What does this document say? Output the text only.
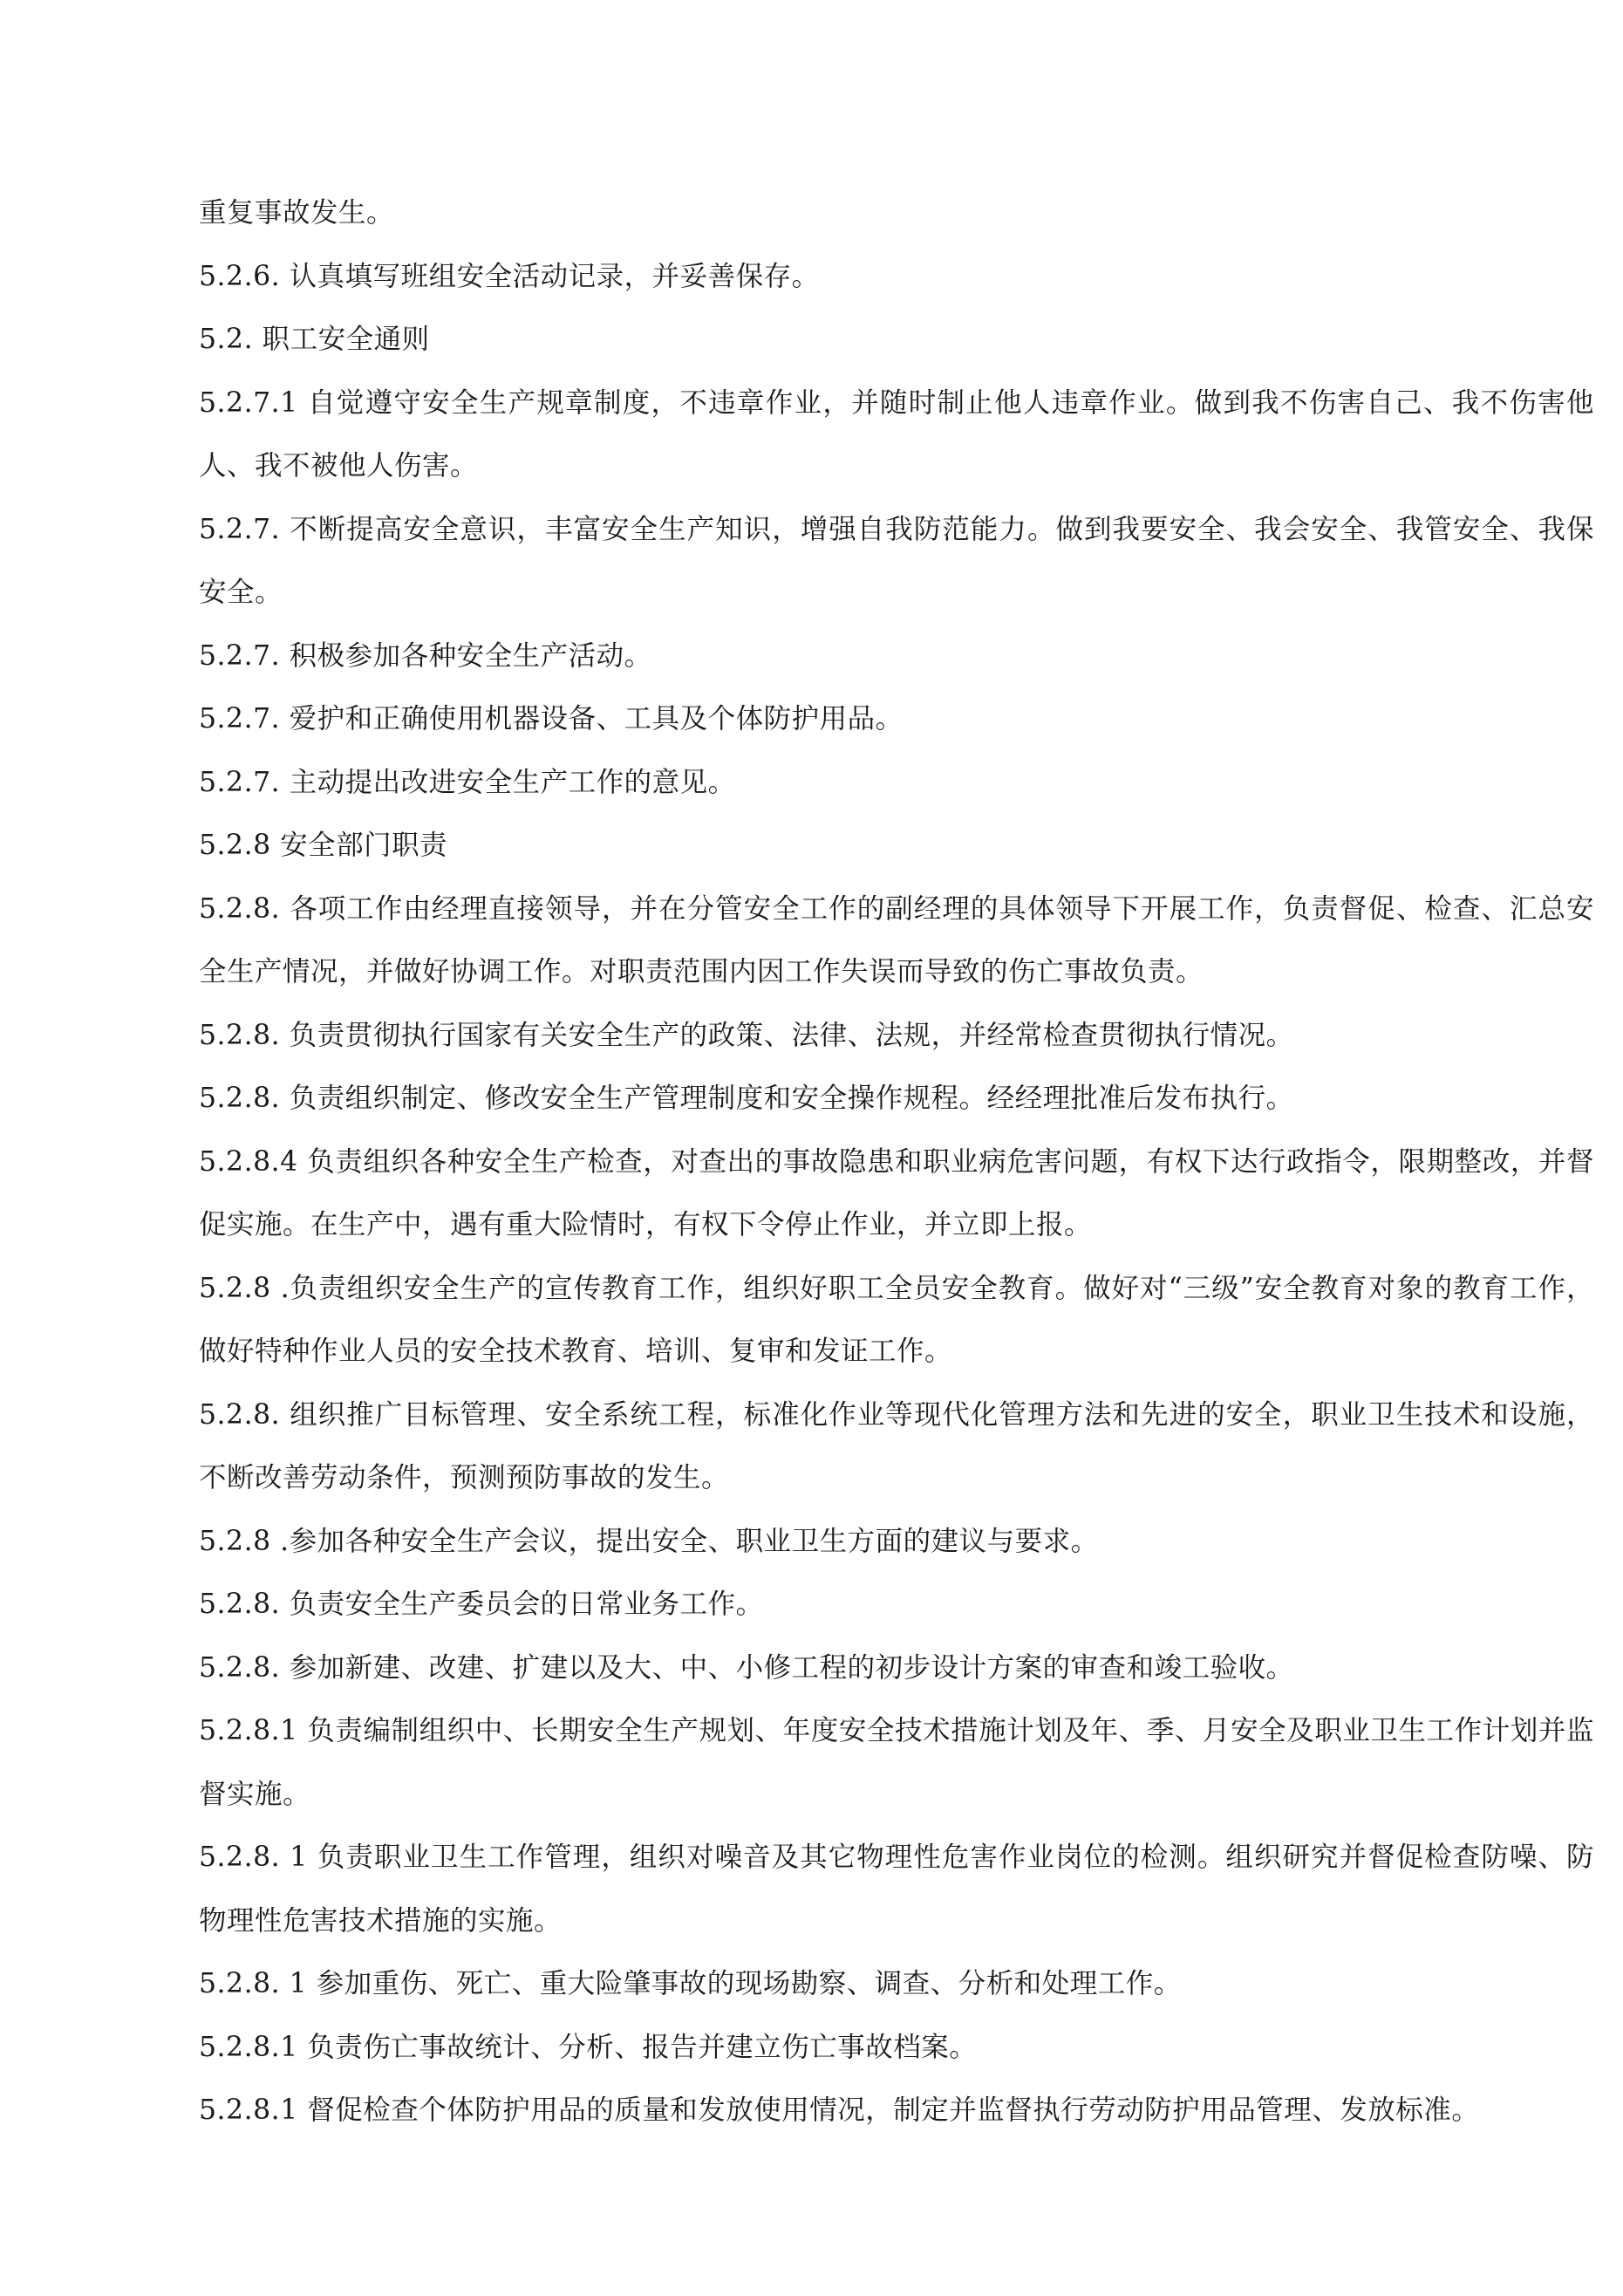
重复事故发生。

5.2.6. 认真填写班组安全活动记录，并妥善保存。

5.2. 职工安全通则

5.2.7.1 自觉遵守安全生产规章制度，不违章作业，并随时制止他人违章作业。做到我不伤害自己、我不伤害他人、我不被他人伤害。

5.2.7. 不断提高安全意识，丰富安全生产知识，增强自我防范能力。做到我要安全、我会安全、我管安全、我保安全。

5.2.7. 积极参加各种安全生产活动。

5.2.7. 爱护和正确使用机器设备、工具及个体防护用品。

5.2.7. 主动提出改进安全生产工作的意见。

5.2.8 安全部门职责

5.2.8. 各项工作由经理直接领导，并在分管安全工作的副经理的具体领导下开展工作，负责督促、检查、汇总安全生产情况，并做好协调工作。对职责范围内因工作失误而导致的伤亡事故负责。

5.2.8. 负责贯彻执行国家有关安全生产的政策、法律、法规，并经常检查贯彻执行情况。

5.2.8. 负责组织制定、修改安全生产管理制度和安全操作规程。经经理批准后发布执行。

5.2.8.4 负责组织各种安全生产检查，对查出的事故隐患和职业病危害问题，有权下达行政指令，限期整改，并督促实施。在生产中，遇有重大险情时，有权下令停止作业，并立即上报。

5.2.8 .负责组织安全生产的宣传教育工作，组织好职工全员安全教育。做好对“三级”安全教育对象的教育工作，做好特种作业人员的安全技术教育、培训、复审和发证工作。

5.2.8. 组织推广目标管理、安全系统工程，标准化作业等现代化管理方法和先进的安全，职业卫生技术和设施，不断改善劳动条件，预测预防事故的发生。

5.2.8 .参加各种安全生产会议，提出安全、职业卫生方面的建议与要求。

5.2.8. 负责安全生产委员会的日常业务工作。

5.2.8. 参加新建、改建、扩建以及大、中、小修工程的初步设计方案的审查和竣工验收。

5.2.8.1 负责编制组织中、长期安全生产规划、年度安全技术措施计划及年、季、月安全及职业卫生工作计划并监督实施。

5.2.8. 1 负责职业卫生工作管理，组织对噪音及其它物理性危害作业岗位的检测。组织研究并督促检查防噪、防物理性危害技术措施的实施。

5.2.8. 1 参加重伤、死亡、重大险肇事故的现场勘察、调查、分析和处理工作。

5.2.8.1 负责伤亡事故统计、分析、报告并建立伤亡事故档案。

5.2.8.1 督促检查个体防护用品的质量和发放使用情况，制定并监督执行劳动防护用品管理、发放标准。
